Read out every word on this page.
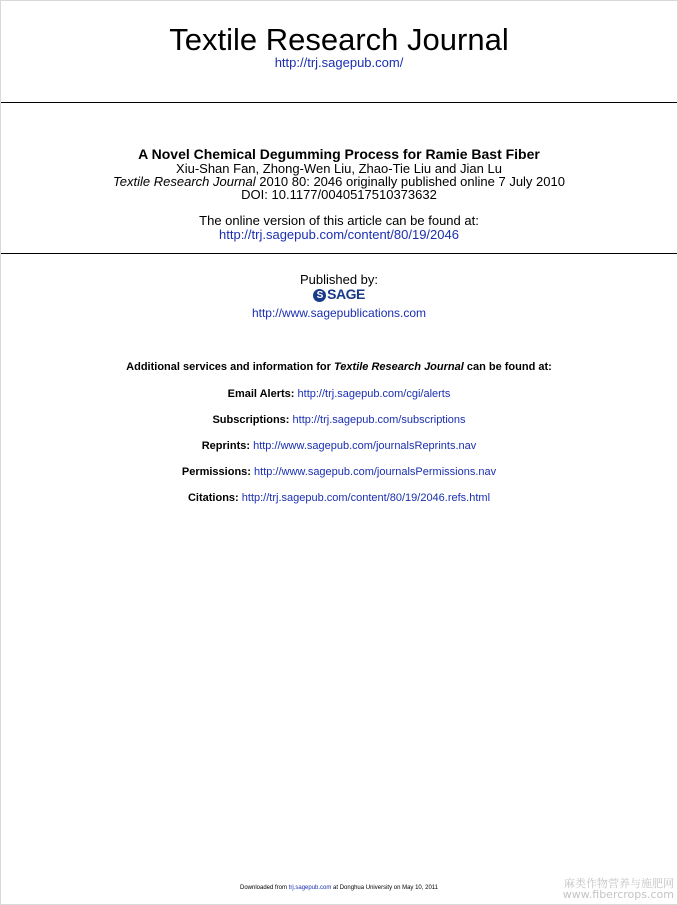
Textile Research Journal
http://trj.sagepub.com/
A Novel Chemical Degumming Process for Ramie Bast Fiber
Xiu-Shan Fan, Zhong-Wen Liu, Zhao-Tie Liu and Jian Lu
Textile Research Journal 2010 80: 2046 originally published online 7 July 2010
DOI: 10.1177/0040517510373632
The online version of this article can be found at:
http://trj.sagepub.com/content/80/19/2046
Published by:
S SAGE
http://www.sagepublications.com
Additional services and information for Textile Research Journal can be found at:
Email Alerts: http://trj.sagepub.com/cgi/alerts
Subscriptions: http://trj.sagepub.com/subscriptions
Reprints: http://www.sagepub.com/journalsReprints.nav
Permissions: http://www.sagepub.com/journalsPermissions.nav
Citations: http://trj.sagepub.com/content/80/19/2046.refs.html
Downloaded from trj.sagepub.com at Donghua University on May 10, 2011	麻类作物营养与施肥网
www.fibercrops.com
